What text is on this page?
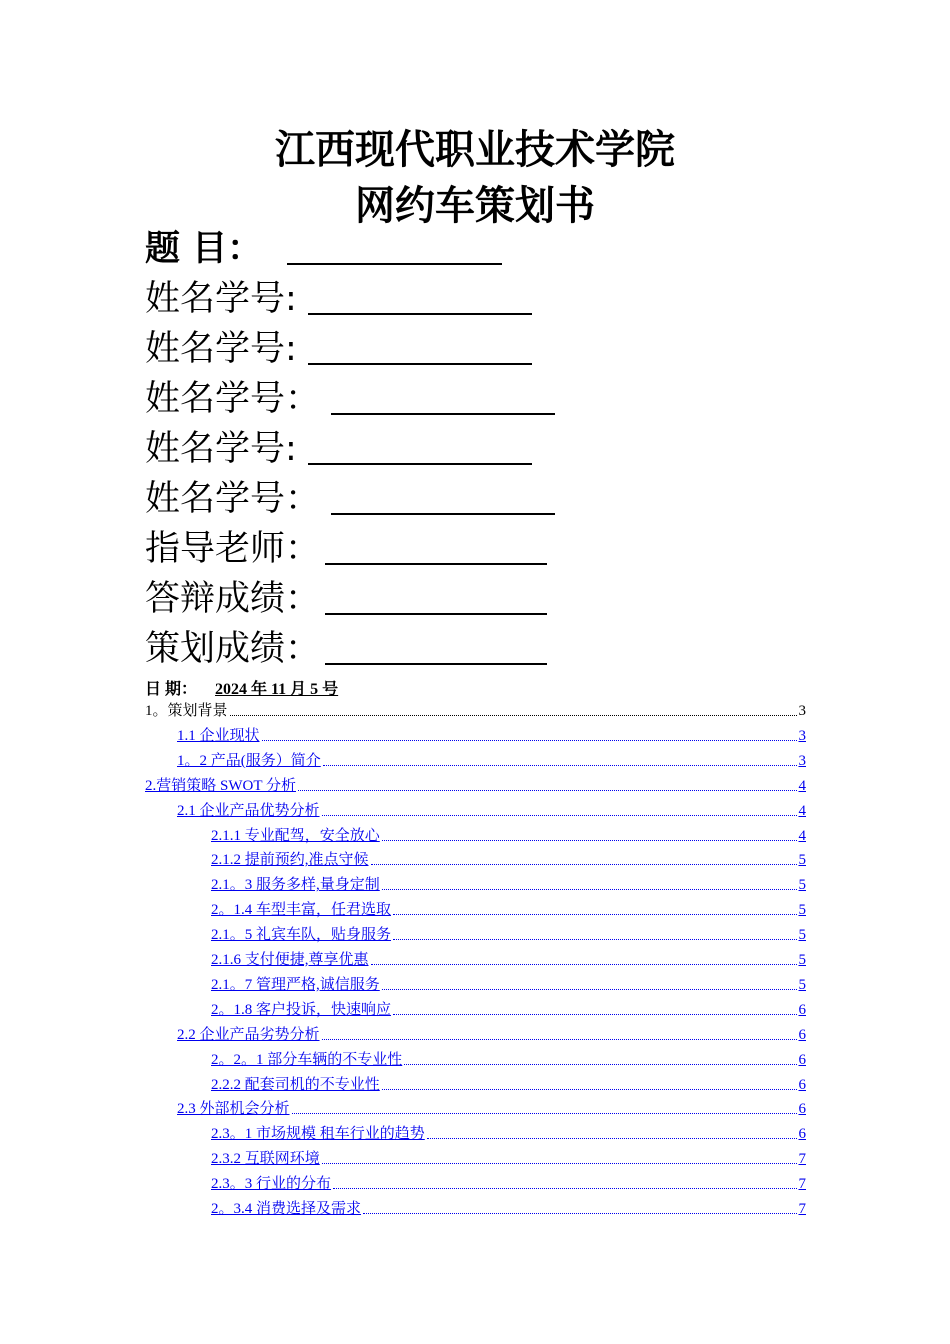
江西现代职业技术学院
网约车策划书
题 目：
姓名学号:
姓名学号:
姓名学号：
姓名学号:
姓名学号：
指导老师：
答辩成绩：
策划成绩：
日 期： 2024 年 11 月 5 号
1。策划背景	3
1.1 企业现状	3
1。2 产品(服务）简介	3
2.营销策略 SWOT 分析	4
2.1 企业产品优势分析	4
2.1.1 专业配驾，安全放心	4
2.1.2 提前预约,准点守候	5
2.1。3 服务多样,量身定制	5
2。1.4 车型丰富，任君选取	5
2.1。5 礼宾车队，贴身服务	5
2.1.6 支付便捷,尊享优惠	5
2.1。7 管理严格,诚信服务	5
2。1.8 客户投诉，快速响应	6
2.2 企业产品劣势分析	6
2。2。1 部分车辆的不专业性	6
2.2.2 配套司机的不专业性	6
2.3 外部机会分析	6
2.3。1 市场规模 租车行业的趋势	6
2.3.2 互联网环境	7
2.3。3 行业的分布	7
2。3.4 消费选择及需求	7
